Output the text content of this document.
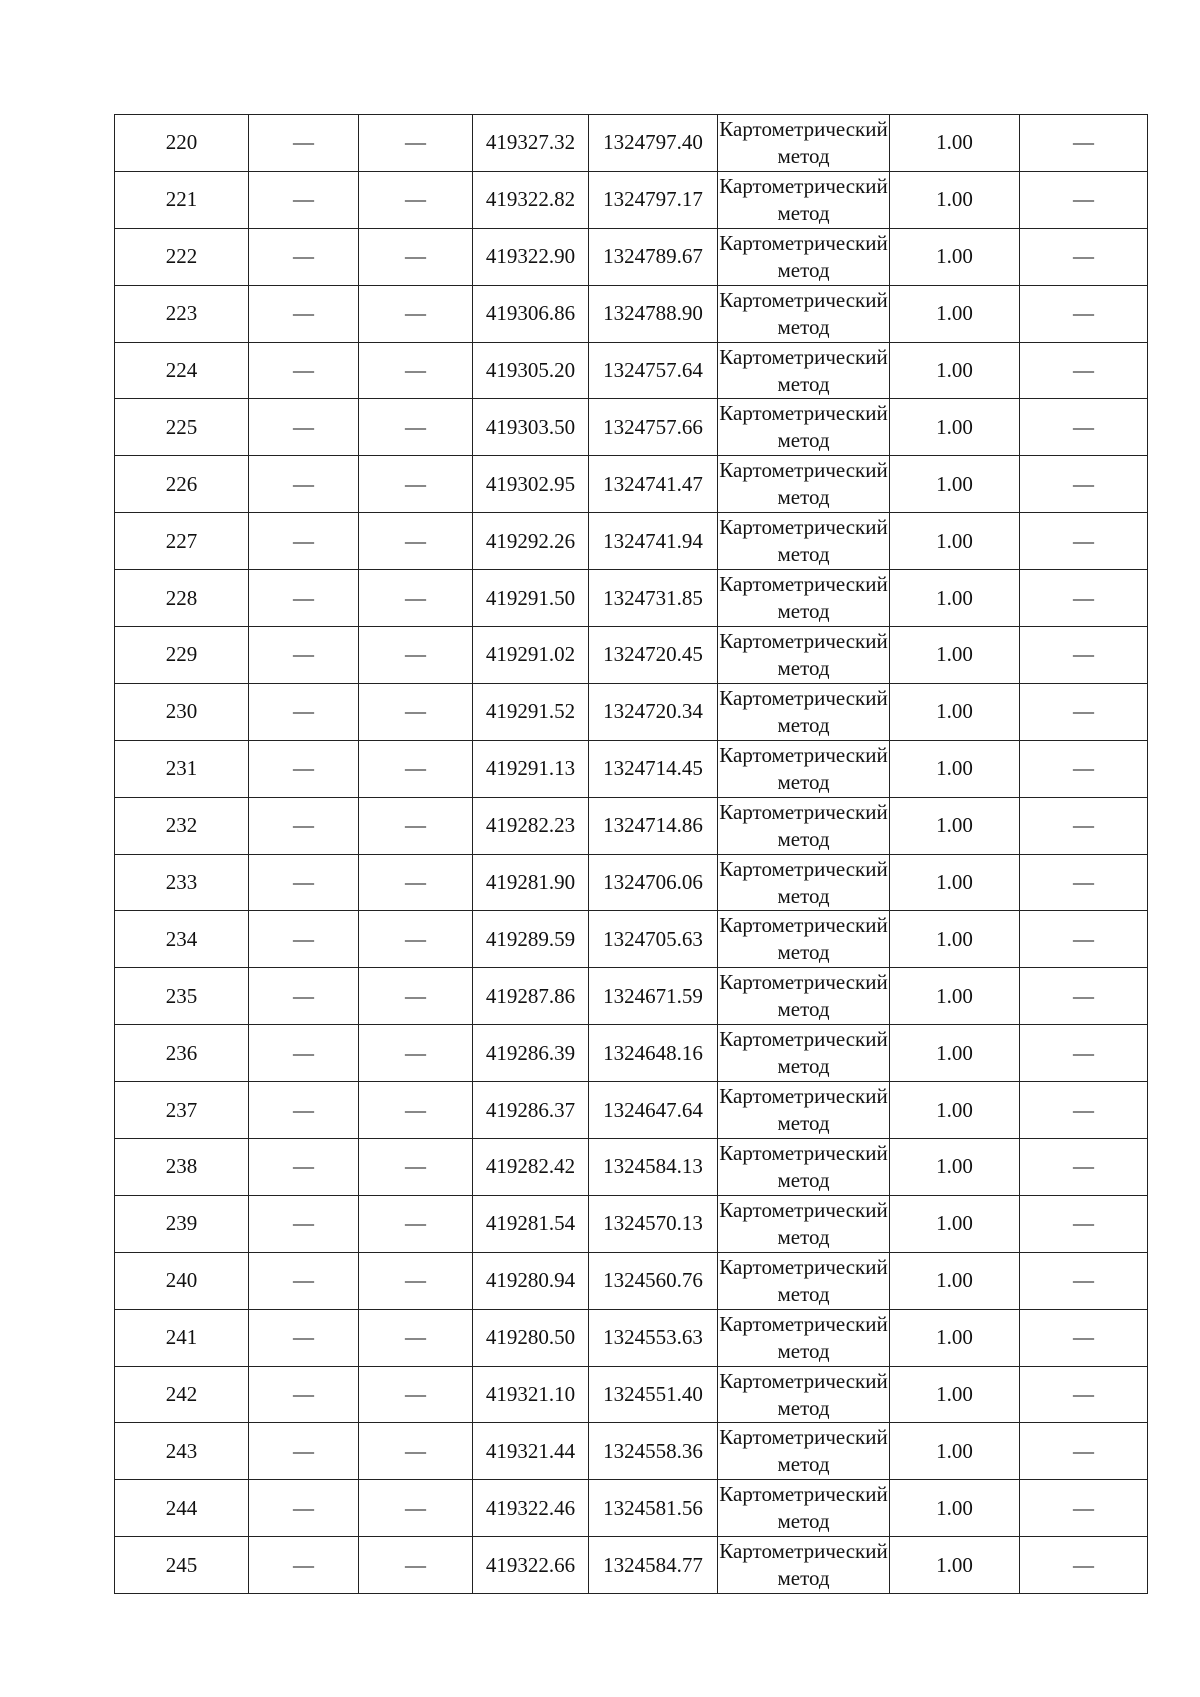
220	—	—	419327.32	1324797.40	Картометрический метод	1.00	—
221	—	—	419322.82	1324797.17	Картометрический метод	1.00	—
222	—	—	419322.90	1324789.67	Картометрический метод	1.00	—
223	—	—	419306.86	1324788.90	Картометрический метод	1.00	—
224	—	—	419305.20	1324757.64	Картометрический метод	1.00	—
225	—	—	419303.50	1324757.66	Картометрический метод	1.00	—
226	—	—	419302.95	1324741.47	Картометрический метод	1.00	—
227	—	—	419292.26	1324741.94	Картометрический метод	1.00	—
228	—	—	419291.50	1324731.85	Картометрический метод	1.00	—
229	—	—	419291.02	1324720.45	Картометрический метод	1.00	—
230	—	—	419291.52	1324720.34	Картометрический метод	1.00	—
231	—	—	419291.13	1324714.45	Картометрический метод	1.00	—
232	—	—	419282.23	1324714.86	Картометрический метод	1.00	—
233	—	—	419281.90	1324706.06	Картометрический метод	1.00	—
234	—	—	419289.59	1324705.63	Картометрический метод	1.00	—
235	—	—	419287.86	1324671.59	Картометрический метод	1.00	—
236	—	—	419286.39	1324648.16	Картометрический метод	1.00	—
237	—	—	419286.37	1324647.64	Картометрический метод	1.00	—
238	—	—	419282.42	1324584.13	Картометрический метод	1.00	—
239	—	—	419281.54	1324570.13	Картометрический метод	1.00	—
240	—	—	419280.94	1324560.76	Картометрический метод	1.00	—
241	—	—	419280.50	1324553.63	Картометрический метод	1.00	—
242	—	—	419321.10	1324551.40	Картометрический метод	1.00	—
243	—	—	419321.44	1324558.36	Картометрический метод	1.00	—
244	—	—	419322.46	1324581.56	Картометрический метод	1.00	—
245	—	—	419322.66	1324584.77	Картометрический метод	1.00	—
